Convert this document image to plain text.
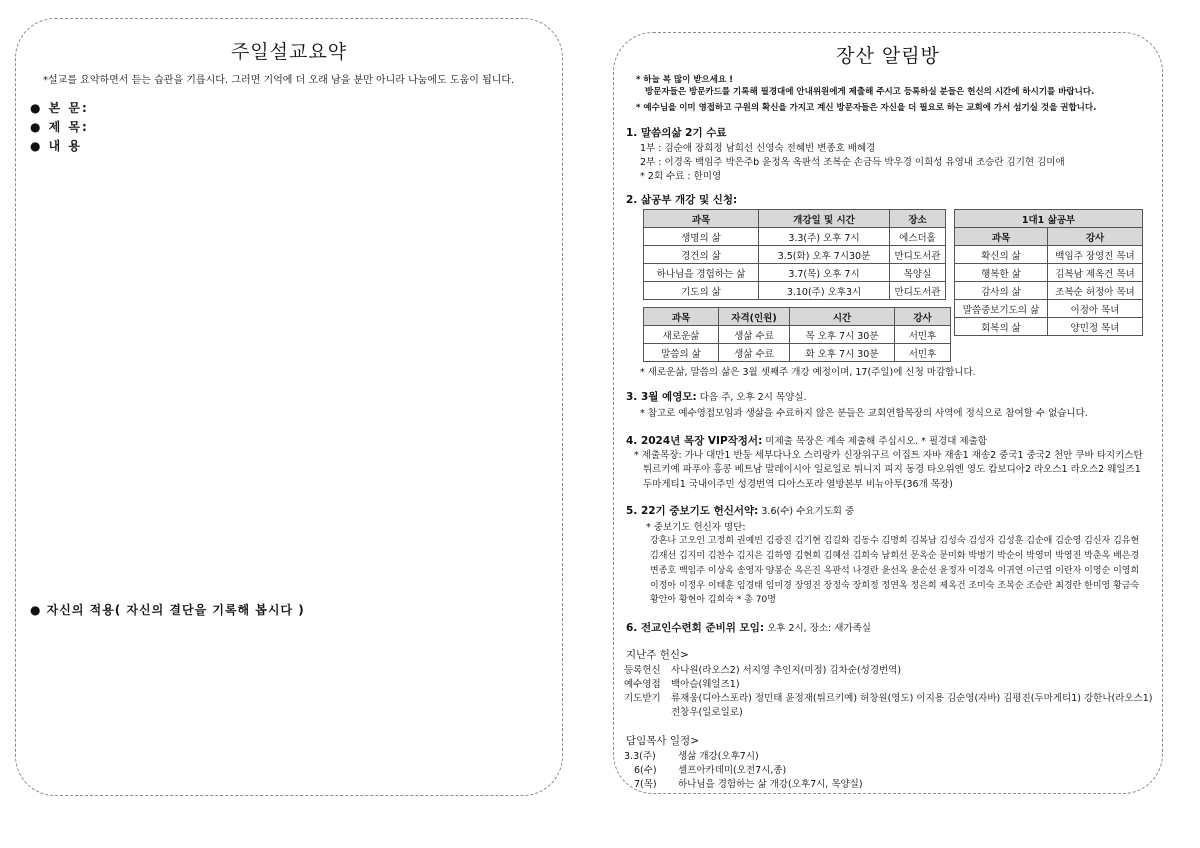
주일설교요약
*설교를 요약하면서 듣는 습관을 기릅시다. 그러면 기억에 더 오래 남을 분만 아니라 나눔에도 도움이 됩니다.
● 본 문:
● 제 목:
● 내 용
● 자신의 적용( 자신의 결단을 기록해 봅시다 )
장산 알림방
* 하늘 복 많이 받으세요 !
방문자들은 방문카드를 기록해 필경대에 안내위원에게 제출해 주시고 등록하실 분들은 헌신의 시간에 하시기를 바랍니다.
* 예수님을 이미 영접하고 구원의 확신을 가지고 계신 방문자들은 자신을 더 필요로 하는 교회에 가서 섬기실 것을 권합니다.
1. 말씀의삶 2기 수료
1부 : 김순애 장희정 남희선 신영숙 전혜빈 변종호 배혜경
2부 : 이경옥 백임주 박은주b 윤정옥 옥판석 조복순 손금득 박우경 이희성 유영내 조승란 김기현 김미애
* 2회 수료 : 한미영
2. 삶공부 개강 및 신청:
과목	개강일 및 시간	장소
생명의 삶	3.3(주) 오후 7시	에스더홀
경건의 삶	3.5(화) 오후 7시30분	만디도서관
하나님을 경험하는 삶	3.7(목) 오후 7시	목양실
기도의 삶	3.10(주) 오후3시	만디도서관
과목	자격(인원)	시간	강사
새로운삶	생삶 수료	목 오후 7시 30분	서민후
말씀의 삶	생삶 수료	화 오후 7시 30분	서민후
1대1 삶공부	
과목	강사
확신의 삶	백임주 장영진 목녀
행복한 삶	김복남 제옥건 목녀
감사의 삶	조복순 허정아 목녀
말씀중보기도의 삶	이정아 목녀
회복의 삶	양민정 목녀
* 새로운삶, 말씀의 삶은 3월 셋째주 개강 예정이며, 17(주일)에 신청 마감합니다.
3. 3월 예영모: 다음 주, 오후 2시 목양실.
* 참고로 예수영접모임과 생삶을 수료하지 않은 분들은 교회연합목장의 사역에 정식으로 참여할 수 없습니다.
4. 2024년 목장 VIP작정서: 미제출 목장은 계속 제출해 주십시오. * 필경대 제출함
* 제출목장: 가나 대만1 반둥 세부다나오 스리랑카 신장위구르 이집트 자바 재송1 재송2 중국1 중국2 천안 쿠바 타지키스탄
튀르키예 파푸아 홍콩 베트남 말레이시아 일로일로 튀니지 피지 동경 타오위엔 영도 캄보디아2 라오스1 라오스2 웨일즈1
두마게티1 국내이주민 성경번역 디아스포라 열방본부 비뉴아투(36개 목장)
5. 22기 중보기도 헌신서약: 3.6(수) 수요기도회 중
* 중보기도 헌신자 명단:
강혼나 고오인 고정희 권예빈 김광진 김기현 김길화 김동수 김명희 김복남 김성숙 김성자 김성훈 김순애 김순영 김신자 김유현
김재선 김지미 김찬수 김지은 김하영 김현희 김혜선 김희숙 남희선 문옥순 문미화 박병기 박순이 박영미 박영진 박춘옥 배은경
변종호 백임주 이상옥 송영자 양봉순 옥은진 옥판석 나경란 윤선옥 윤순선 윤정자 이경옥 이귀연 이근엽 이란자 이영순 이영희
이정아 이정우 이태훈 임경태 임미경 장영진 장정숙 장희정 정연옥 정은희 제옥건 조미숙 조복순 조승란 최경란 한미영 황금숙
황안아 황현아 김희숙 * 총 70명
6. 전교인수련회 준비위 모임: 오후 2시, 장소: 새가족실
지난주 헌신>
등록헌신 사나원(라오스2) 서지영 추인지(미정) 김차순(성경번역)
예수영접 백아슬(웨일즈1)
기도받기 류재웅(디아스포라) 정민태 윤정재(튀르키예) 허창원(영도) 이지용 김순영(자바) 김평진(두마게티1) 강한나(라오스1)
전창우(일로일로)
담임목사 일정>
3.3(주) 생삶 개강(오후7시)
6(수) 셀프아카데미(오전7시,종)
7(목) 하나님을 경험하는 삶 개강(오후7시, 목양실)
